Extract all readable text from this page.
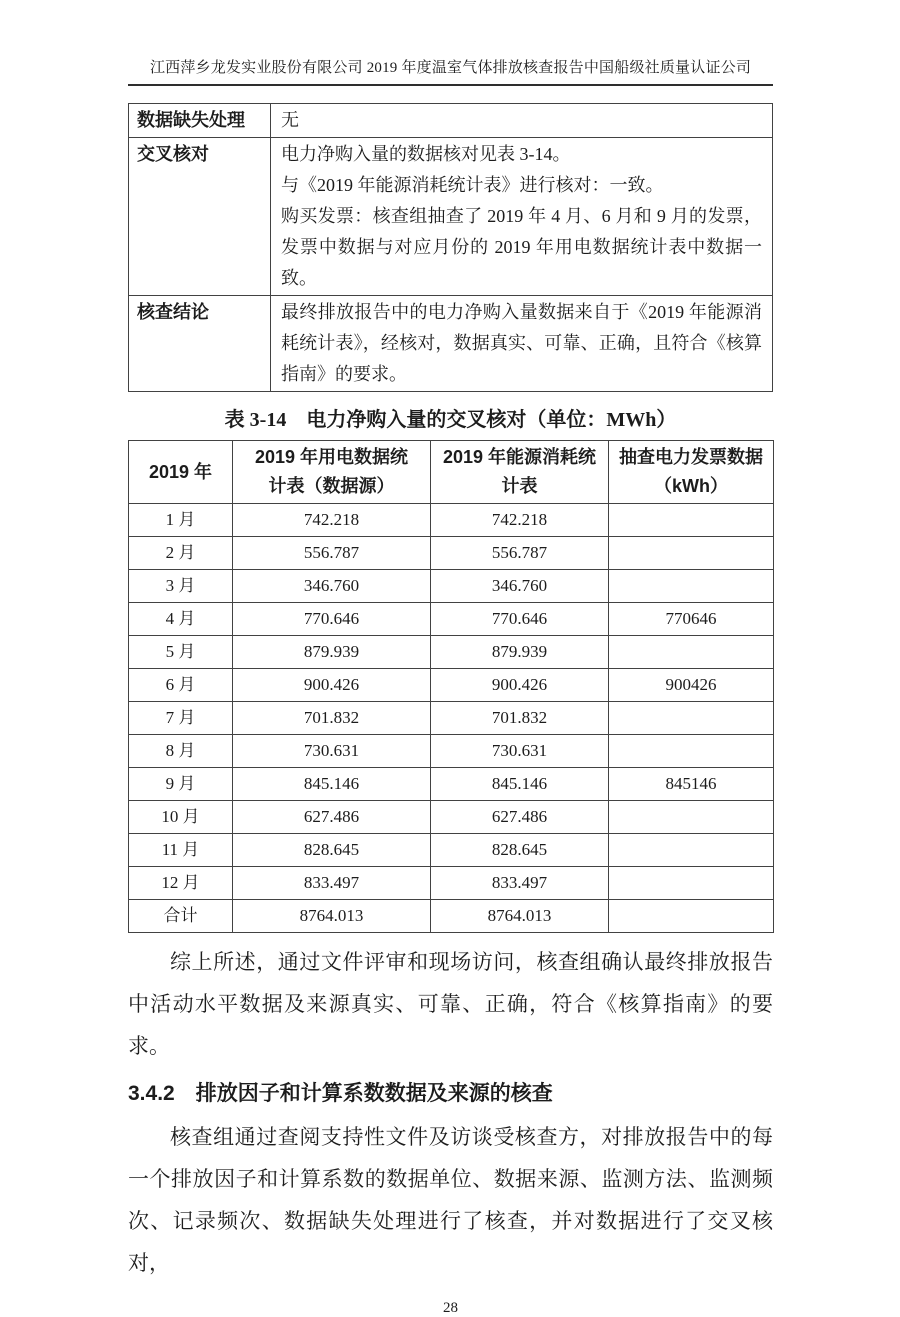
江西萍乡龙发实业股份有限公司 2019 年度温室气体排放核查报告中国船级社质量认证公司
数据缺失处理	无

交叉核对	电力净购入量的数据核对见表 3-14。

与《2019 年能源消耗统计表》进行核对：一致。

购买发票：核查组抽查了 2019 年 4 月、6 月和 9 月的发票，发票中数据与对应月份的 2019 年用电数据统计表中数据一致。

核查结论	最终排放报告中的电力净购入量数据来自于《2019 年能源消耗统计表》，经核对，数据真实、可靠、正确，且符合《核算指南》的要求。

表 3-14　电力净购入量的交叉核对（单位：MWh）
2019 年	2019 年用电数据统计表（数据源）	2019 年能源消耗统计表	抽查电力发票数据（kWh）
1 月	742.218	742.218	
2 月	556.787	556.787	
3 月	346.760	346.760	
4 月	770.646	770.646	770646
5 月	879.939	879.939	
6 月	900.426	900.426	900426
7 月	701.832	701.832	
8 月	730.631	730.631	
9 月	845.146	845.146	845146
10 月	627.486	627.486	
11 月	828.645	828.645	
12 月	833.497	833.497	
合计	8764.013	8764.013	

综上所述，通过文件评审和现场访问，核查组确认最终排放报告中活动水平数据及来源真实、可靠、正确，符合《核算指南》的要求。

3.4.2　排放因子和计算系数数据及来源的核查

核查组通过查阅支持性文件及访谈受核查方，对排放报告中的每一个排放因子和计算系数的数据单位、数据来源、监测方法、监测频次、记录频次、数据缺失处理进行了核查，并对数据进行了交叉核对，

28
